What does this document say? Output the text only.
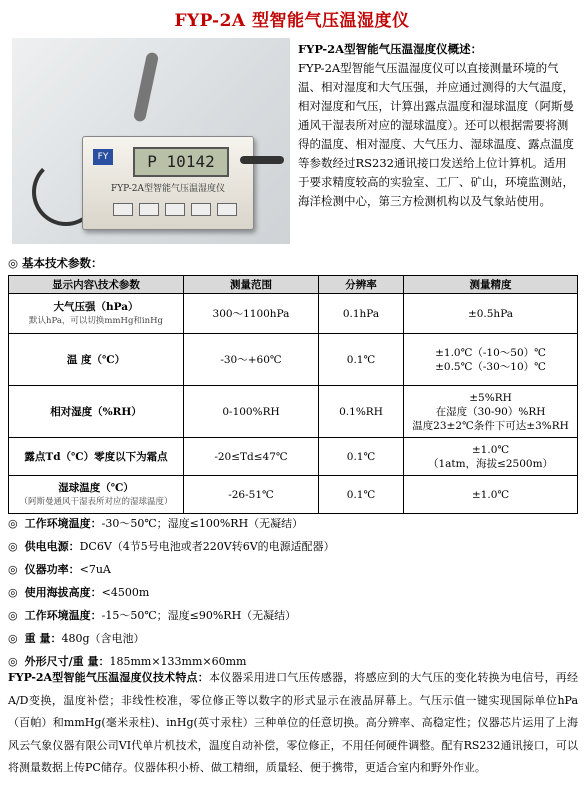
FYP-2A 型智能气压温湿度仪
FY	P 10142
FYP-2A型智能气压温湿度仪
FYP-2A型智能气压温湿度仪概述：
FYP-2A型智能气压温湿度仪可以直接测量环境的气温、相对湿度和大气压强，并应通过测得的大气温度，相对湿度和气压，计算出露点温度和湿球温度（阿斯曼通风干湿表所对应的湿球温度）。还可以根据需要将测得的温度、相对湿度、大气压力、湿球温度、露点温度等参数经过RS232通讯接口发送给上位计算机。适用于要求精度较高的实验室、工厂、矿山，环境监测站，海洋检测中心，第三方检测机构以及气象站使用。
◎ 基本技术参数：
显示内容\技术参数	测量范围	分辨率	测量精度

大气压强（hPa）
默认hPa，可以切换mmHg和inHg	300～1100hPa	0.1hPa	±0.5hPa
温 度（℃）	-30～+60℃	0.1℃	±1.0℃（-10～50）℃
±0.5℃（-30～10）℃

相对湿度（%RH）	0-100%RH	0.1%RH	±5%RH
在湿度（30-90）%RH
温度23±2℃条件下可达±3%RH

露点Td（℃）零度以下为霜点	-20≤Td≤47℃	0.1℃	±1.0℃
（1atm，海拔≤2500m）

湿球温度（℃）
（阿斯曼通风干湿表所对应的湿球温度）	-26-51℃	0.1℃	±1.0℃
◎ 工作环境温度：-30～50℃；湿度≤100%RH（无凝结）
◎ 供电电源：DC6V（4节5号电池或者220V转6V的电源适配器）
◎ 仪器功率：<7uA
◎ 使用海拔高度：<4500m
◎ 工作环境温度：-15～50℃；湿度≤90%RH（无凝结）
◎ 重 量：480g（含电池）
◎ 外形尺寸/重 量：185mm×133mm×60mm
FYP-2A型智能气压温湿度仪技术特点：本仪器采用进口气压传感器，将感应到的大气压的变化转换为电信号，再经A/D变换，温度补偿；非线性校准，零位修正等以数字的形式显示在液晶屏幕上。气压示值一键实现国际单位hPa （百帕）和mmHg(毫米汞柱)、inHg(英寸汞柱）三种单位的任意切换。高分辨率、高稳定性；仪器芯片运用了上海风云气象仪器有限公司VI代单片机技术，温度自动补偿，零位修正，不用任何硬件调整。配有RS232通讯接口，可以将测量数据上传PC储存。仪器体积小桥、做工精细，质量轻、便于携带，更适合室内和野外作业。
